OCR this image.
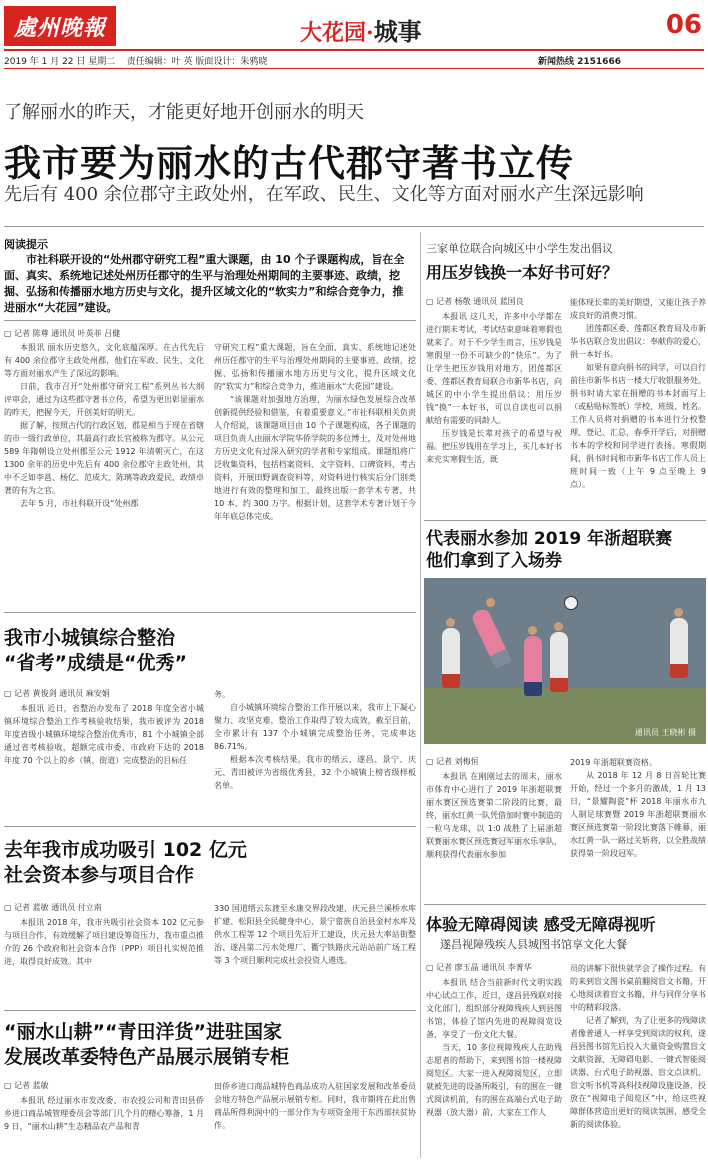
處州晚報	大花园·城事	06
2019 年 1 月 22 日 星期二 责任编辑：叶 英 版面设计：朱鸦晓	新闻热线 2151666
了解丽水的昨天，才能更好地开创丽水的明天
我市要为丽水的古代郡守著书立传
先后有 400 余位郡守主政处州，在军政、民生、文化等方面对丽水产生深远影响
阅读提示
市社科联开设的“处州郡守研究工程”重大课题，由 10 个子课题构成，旨在全面、真实、系统地记述处州历任郡守的生平与治理处州期间的主要事迹、政绩，挖掘、弘扬和传播丽水地方历史与文化，提升区域文化的“软实力”和综合竞争力，推进丽水“大花园”建设。
▢ 记者 陈尊 通讯员 叶英菲 吕健

本报讯 丽水历史悠久，文化底蕴深厚。在古代先后有 400 余位郡守主政处州郡，他们在军政、民生、文化等方面对丽水产生了深远的影响。

日前，我市召开“处州郡守研究工程”系列丛书大纲评审会，通过为这些郡守著书立传，希望为更出彰显丽水的昨天，把握今天，开创美好的明天。

据了解，按照古代的行政区划，郡是相当于现在省辖的市一级行政单位，其最高行政长官被称为郡守。从公元589 年隋朝设立处州郡至公元 1912 年清朝灭亡，在这 1300 余年的历史中先后有 400 余位郡守主政处州，其中不乏如李邕、杨亿、范成大、陈璃等政政爱民、政绩卓著的有为之官。

去年 5 月，市社科联开设“处州郡

守研究工程”重大课题，旨在全面、真实、系统地记述处州历任郡守的生平与治理处州期间的主要事迹、政绩，挖掘、弘扬和传播丽水地方历史与文化，提升区域文化的“软实力”和综合竞争力，推进丽水“大花园”建设。

“该课题对加强地方治理，为丽水绿色发展综合改革创新提供经验和借鉴，有着重要意义。”市社科联相关负责人介绍说，该课题项目由 10 个子课题构成，各子课题的项目负责人由丽水学院华侨学院的多位博士，及对处州地方历史文化有过深入研究的学者和专家组成。课题组将广泛收集资料，包括档案资料、文字资料、口碑资料、考古资料，开展田野调查资料等，对资料进行核实后分门别类地进行有效的整理和加工，最终出版一套学术专著，共 10 本，约 300 万字。根据计划，这套学术专著计划于今年年底总体完成。

我市小城镇综合整治
“省考”成绩是“优秀”
▢ 记者 黄俊剑 通讯员 麻安娟

本报讯 近日，省整治办发布了 2018 年度全省小城镇环境综合整治工作考核验收结果，我市被评为 2018 年度省级小城镇环境综合整治优秀市，81 个小城镇全部通过省考核验收，超额完成市委、市政府下达的 2018 年度 70 个以上的乡（镇、街道）完成整治的目标任

务。

自小城镇环境综合整治工作开展以来，我市上下凝心聚力、攻坚克难，整治工作取得了较大成效，截至目前，全市累计有 137 个小城镇完成整治任务，完成率达 86.71%。

根据本次考核结果，我市的缙云、遂昌、景宁、庆元、青田被评为省级优秀县，32 个小城镇上榜省级样板名单。

去年我市成功吸引 102 亿元
社会资本参与项目合作
▢ 记者 蓝敏 通讯员 付立南

本报讯 2018 年，我市共吸引社会资本 102 亿元参与项目合作，有效缓解了项目建设筹资压力，我市重点推介的 26 个政府和社会资本合作（PPP）项目扎实规范推进，取得良好成效。其中

330 国道缙云东渡至永康交界段改建、庆元县兰溪桥水库扩建、松阳县全民健身中心、景宁畲族自治县金村水库及供水工程等 12 个项目先后开工建设，庆元县大率站街整治、遂昌第二污水处理厂、衢宁铁路庆元站站前广场工程等 3 个项目顺利完成社会投资人遴选。

“丽水山耕”“青田洋货”进驻国家
发展改革委特色产品展示展销专柜
▢ 记者 蓝敏

本报讯 经过丽水市发改委、市农投公司和青田县侨乡进口商品城管理委员会等部门几个月的精心筹备，1 月 9 日，“丽水山耕”生态精品农产品和青

田侨乡进口商品城特色商品成功入驻国家发展和改革委员会地方特色产品展示展销专柜。同时，我市期将在此出售商品所得利润中的一部分作为专项资金用于东西部扶贫协作。

三家单位联合向城区中小学生发出倡议
用压岁钱换一本好书可好？
▢ 记者 杨敬 通讯员 蓝国良

本报讯 这几天，许多中小学都在进行期末考试，考试结束意味着寒假也就来了。对于不少学生而言，压岁钱是寒假里一份不可缺少的“快乐”。为了让学生把压岁钱用对地方，团莲都区委、莲都区教育局联合市新华书店，向城区的中小学生提出倡议：用压岁钱“换”一本好书，可以自读也可以捐献给有需要的同龄人。

压岁钱是长辈对孩子的希望与祝福。把压岁钱用在学习上，买几本好书来充实寒假生活，既

能体现长辈的美好期望，又能让孩子养成良好的消费习惯。

团莲都区委、莲都区教育局及市新华书店联合发出倡议：奉献你的爱心，捐一本好书。

如果有意向捐书的同学，可以自行前往市新华书店一楼大厅收银服务处。捐书时请大家在捐赠的书本封面写上（或粘贴标签纸）学校、班级、姓名。工作人员将对捐赠的书本进行分校整理、登记、汇总，春季开学后，对捐赠书本的学校和同学进行表扬。寒假期间，捐书时间和市新华书店工作人员上班时间一致（上午 9 点至晚上 9 点）。

代表丽水参加 2019 年浙超联赛
他们拿到了入场券
通讯员 王晓彬 摄
▢ 记者 刘梅恒

本报讯 在刚刚过去的周末，丽水市体育中心进行了 2019 年浙超联赛丽水赛区预选赛第二阶段的比赛，最终，丽水红黄一队凭借加时赛中制造的一粒乌龙球，以 1:0 战胜了上届浙超联赛丽水赛区预选赛冠军丽水乐享队，顺利获得代表丽水参加

2019 年浙超联赛资格。

从 2018 年 12 月 8 日首轮比赛开始，经过一个多月的激战，1 月 13 日，“景耀陶瓷”杯 2018 年丽水市九人制足球赛暨 2019 年浙超联赛丽水赛区预选赛第一阶段比赛落下帷幕，丽水红黄一队一路过关斩将，以全胜战绩获得第一阶段冠军。

体验无障碍阅读 感受无障碍视听
遂昌视障残疾人县城图书馆享文化大餐
▢ 记者 廖玉晶 通讯员 李菁华

本报讯 结合当前新时代文明实践中心试点工作，近日，遂昌县残联对接文化部门，组织部分视障残疾人到县图书馆，体验了馆内先进的视障阅览设备，享受了一份文化大餐。

当天，10 多位视障残疾人在助残志愿者的帮助下，来到图书馆一楼视障阅览区。大家一进入视障阅览区，立即就被先进的设备所吸引，有的围在一键式阅读机前，有的围在高端台式电子助视器（放大器）前，大家在工作人

员的讲解下很快就学会了操作过程。有的来到盲文图书桌前翻阅盲文书籍，开心地阅读着盲文书籍，并与同伴分享书中的精彩段落。

记者了解到，为了让更多的残障读者像普通人一样享受到阅读的权利，遂昌县图书馆先后投入大量资金购置盲文文献资源、无障碍电影、一键式智能阅读器、台式电子助视器、盲文点读机、盲文听书机等高科技视障设施设备，投放在“视障电子阅览区”中，给这些视障群体营造出更好的阅读氛围，感受全新的阅读体验。
